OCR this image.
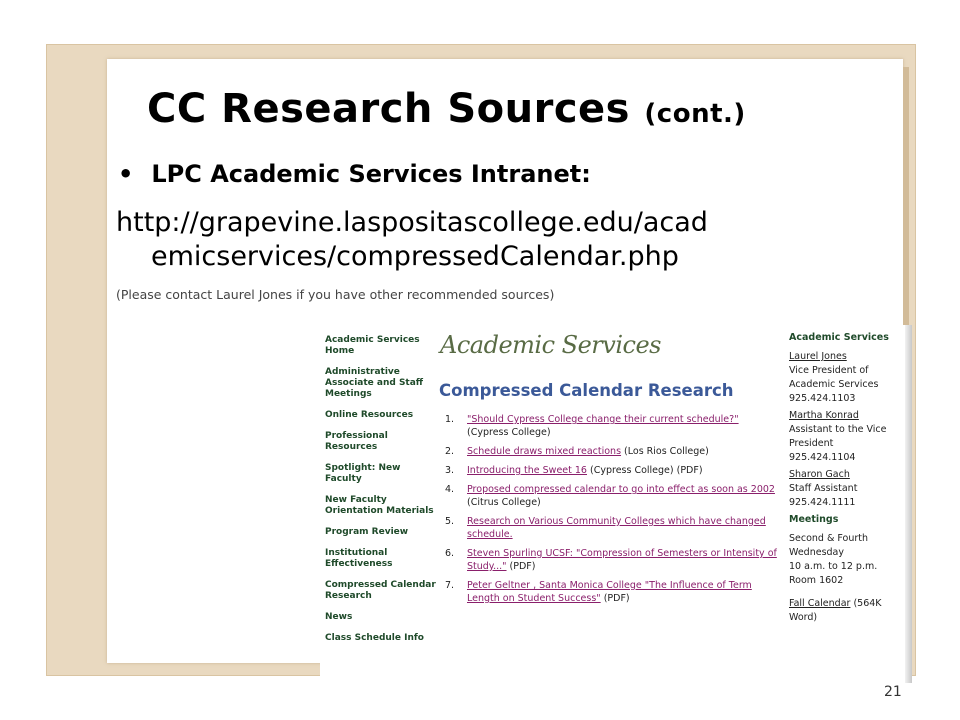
CC Research Sources (cont.)
• LPC Academic Services Intranet:
http://grapevine.laspositascollege.edu/acad
emicservices/compressedCalendar.php
(Please contact Laurel Jones if you have other recommended sources)
Academic Services Home
Administrative Associate and Staff Meetings
Online Resources
Professional Resources
Spotlight: New Faculty
New Faculty Orientation Materials
Program Review
Institutional Effectiveness
Compressed Calendar Research
News
Class Schedule Info
Academic Services
Compressed Calendar Research
1.	"Should Cypress College change their current schedule?" (Cypress College)
2.	Schedule draws mixed reactions (Los Rios College)
3.	Introducing the Sweet 16 (Cypress College) (PDF)
4.	Proposed compressed calendar to go into effect as soon as 2002 (Citrus College)
5.	Research on Various Community Colleges which have changed schedule.
6.	Steven Spurling UCSF: "Compression of Semesters or Intensity of Study..." (PDF)
7.	Peter Geltner , Santa Monica College "The Influence of Term Length on Student Success" (PDF)
Academic Services
Laurel Jones
Vice President of Academic Services
925.424.1103
Martha Konrad
Assistant to the Vice President
925.424.1104
Sharon Gach
Staff Assistant
925.424.1111
Meetings
Second & Fourth Wednesday
10 a.m. to 12 p.m.
Room 1602
Fall Calendar (564K Word)
21
